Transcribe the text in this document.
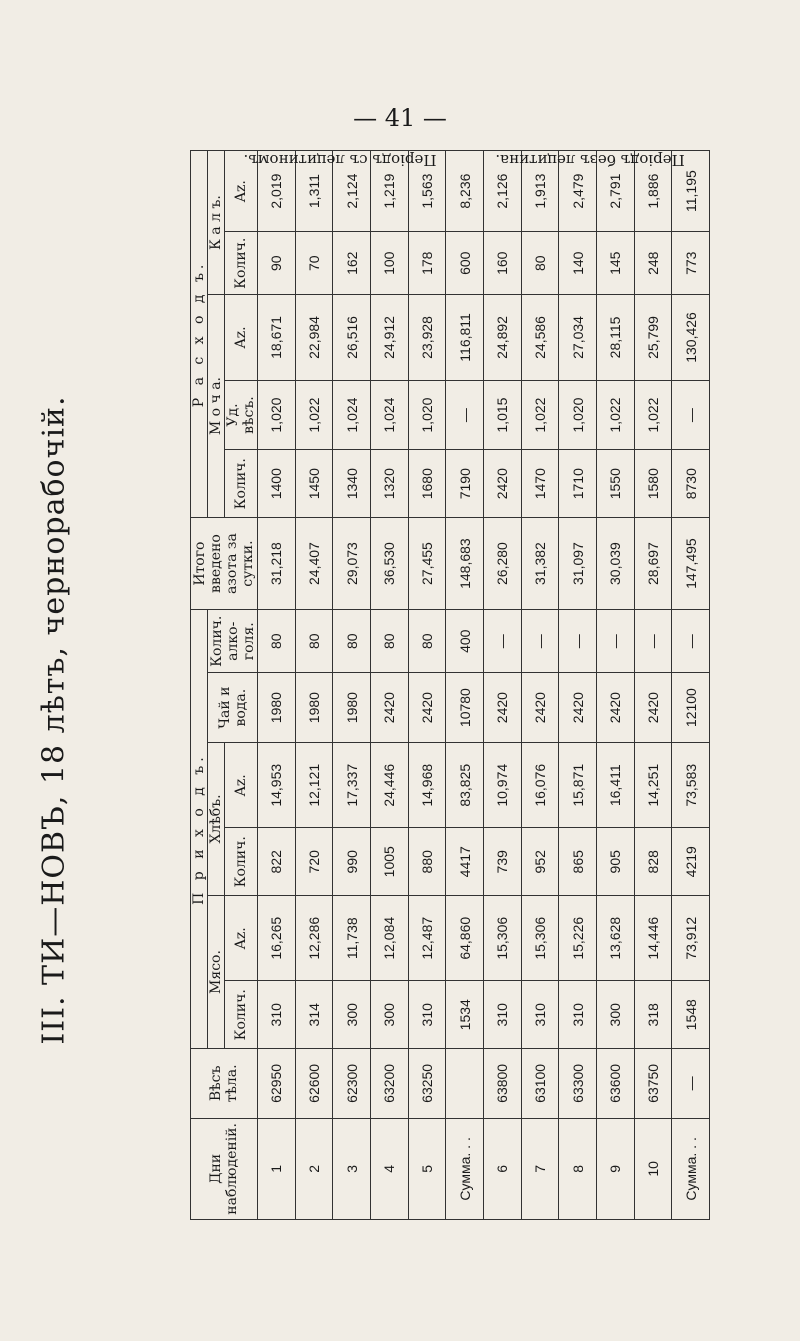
— 41 —
III. ТИ—НОВЪ, 18 лѣтъ, чернорабочій.
Дни наблюденій.	Вѣсъ тѣла.	П р и х о д ъ.						Итого введено азота за сутки.	Р а с х о д ъ.				
		Мясо.		Хлѣбъ.		Чай и вода.	Колич. алко-голя.		М о ч а.			К а л ъ.	
		Колич.	Az.	Колич.	Az.				Колич.	Уд. вѣсъ.	Az.	Колич.	Az.
1	62950	310	16,265	822	14,953	1980	80	31,218	1400	1,020	18,671	90	2,019
2	62600	314	12,286	720	12,121	1980	80	24,407	1450	1,022	22,984	70	1,311
3	62300	300	11,738	990	17,337	1980	80	29,073	1340	1,024	26,516	162	2,124
4	63200	300	12,084	1005	24,446	2420	80	36,530	1320	1,024	24,912	100	1,219
5	63250	310	12,487	880	14,968	2420	80	27,455	1680	1,020	23,928	178	1,563
Сумма. . .		1534	64,860	4417	83,825	10780	400	148,683	7190	—	116,811	600	8,236
6	63800	310	15,306	739	10,974	2420	—	26,280	2420	1,015	24,892	160	2,126
7	63100	310	15,306	952	16,076	2420	—	31,382	1470	1,022	24,586	80	1,913
8	63300	310	15,226	865	15,871	2420	—	31,097	1710	1,020	27,034	140	2,479
9	63600	300	13,628	905	16,411	2420	—	30,039	1550	1,022	28,115	145	2,791
10	63750	318	14,446	828	14,251	2420	—	28,697	1580	1,022	25,799	248	1,886
Сумма. . .	—	1548	73,912	4219	73,583	12100	—	147,495	8730	—	130,426	773	11,195
Періодъ съ лецитиномъ.	Періодъ безъ лецитина.
